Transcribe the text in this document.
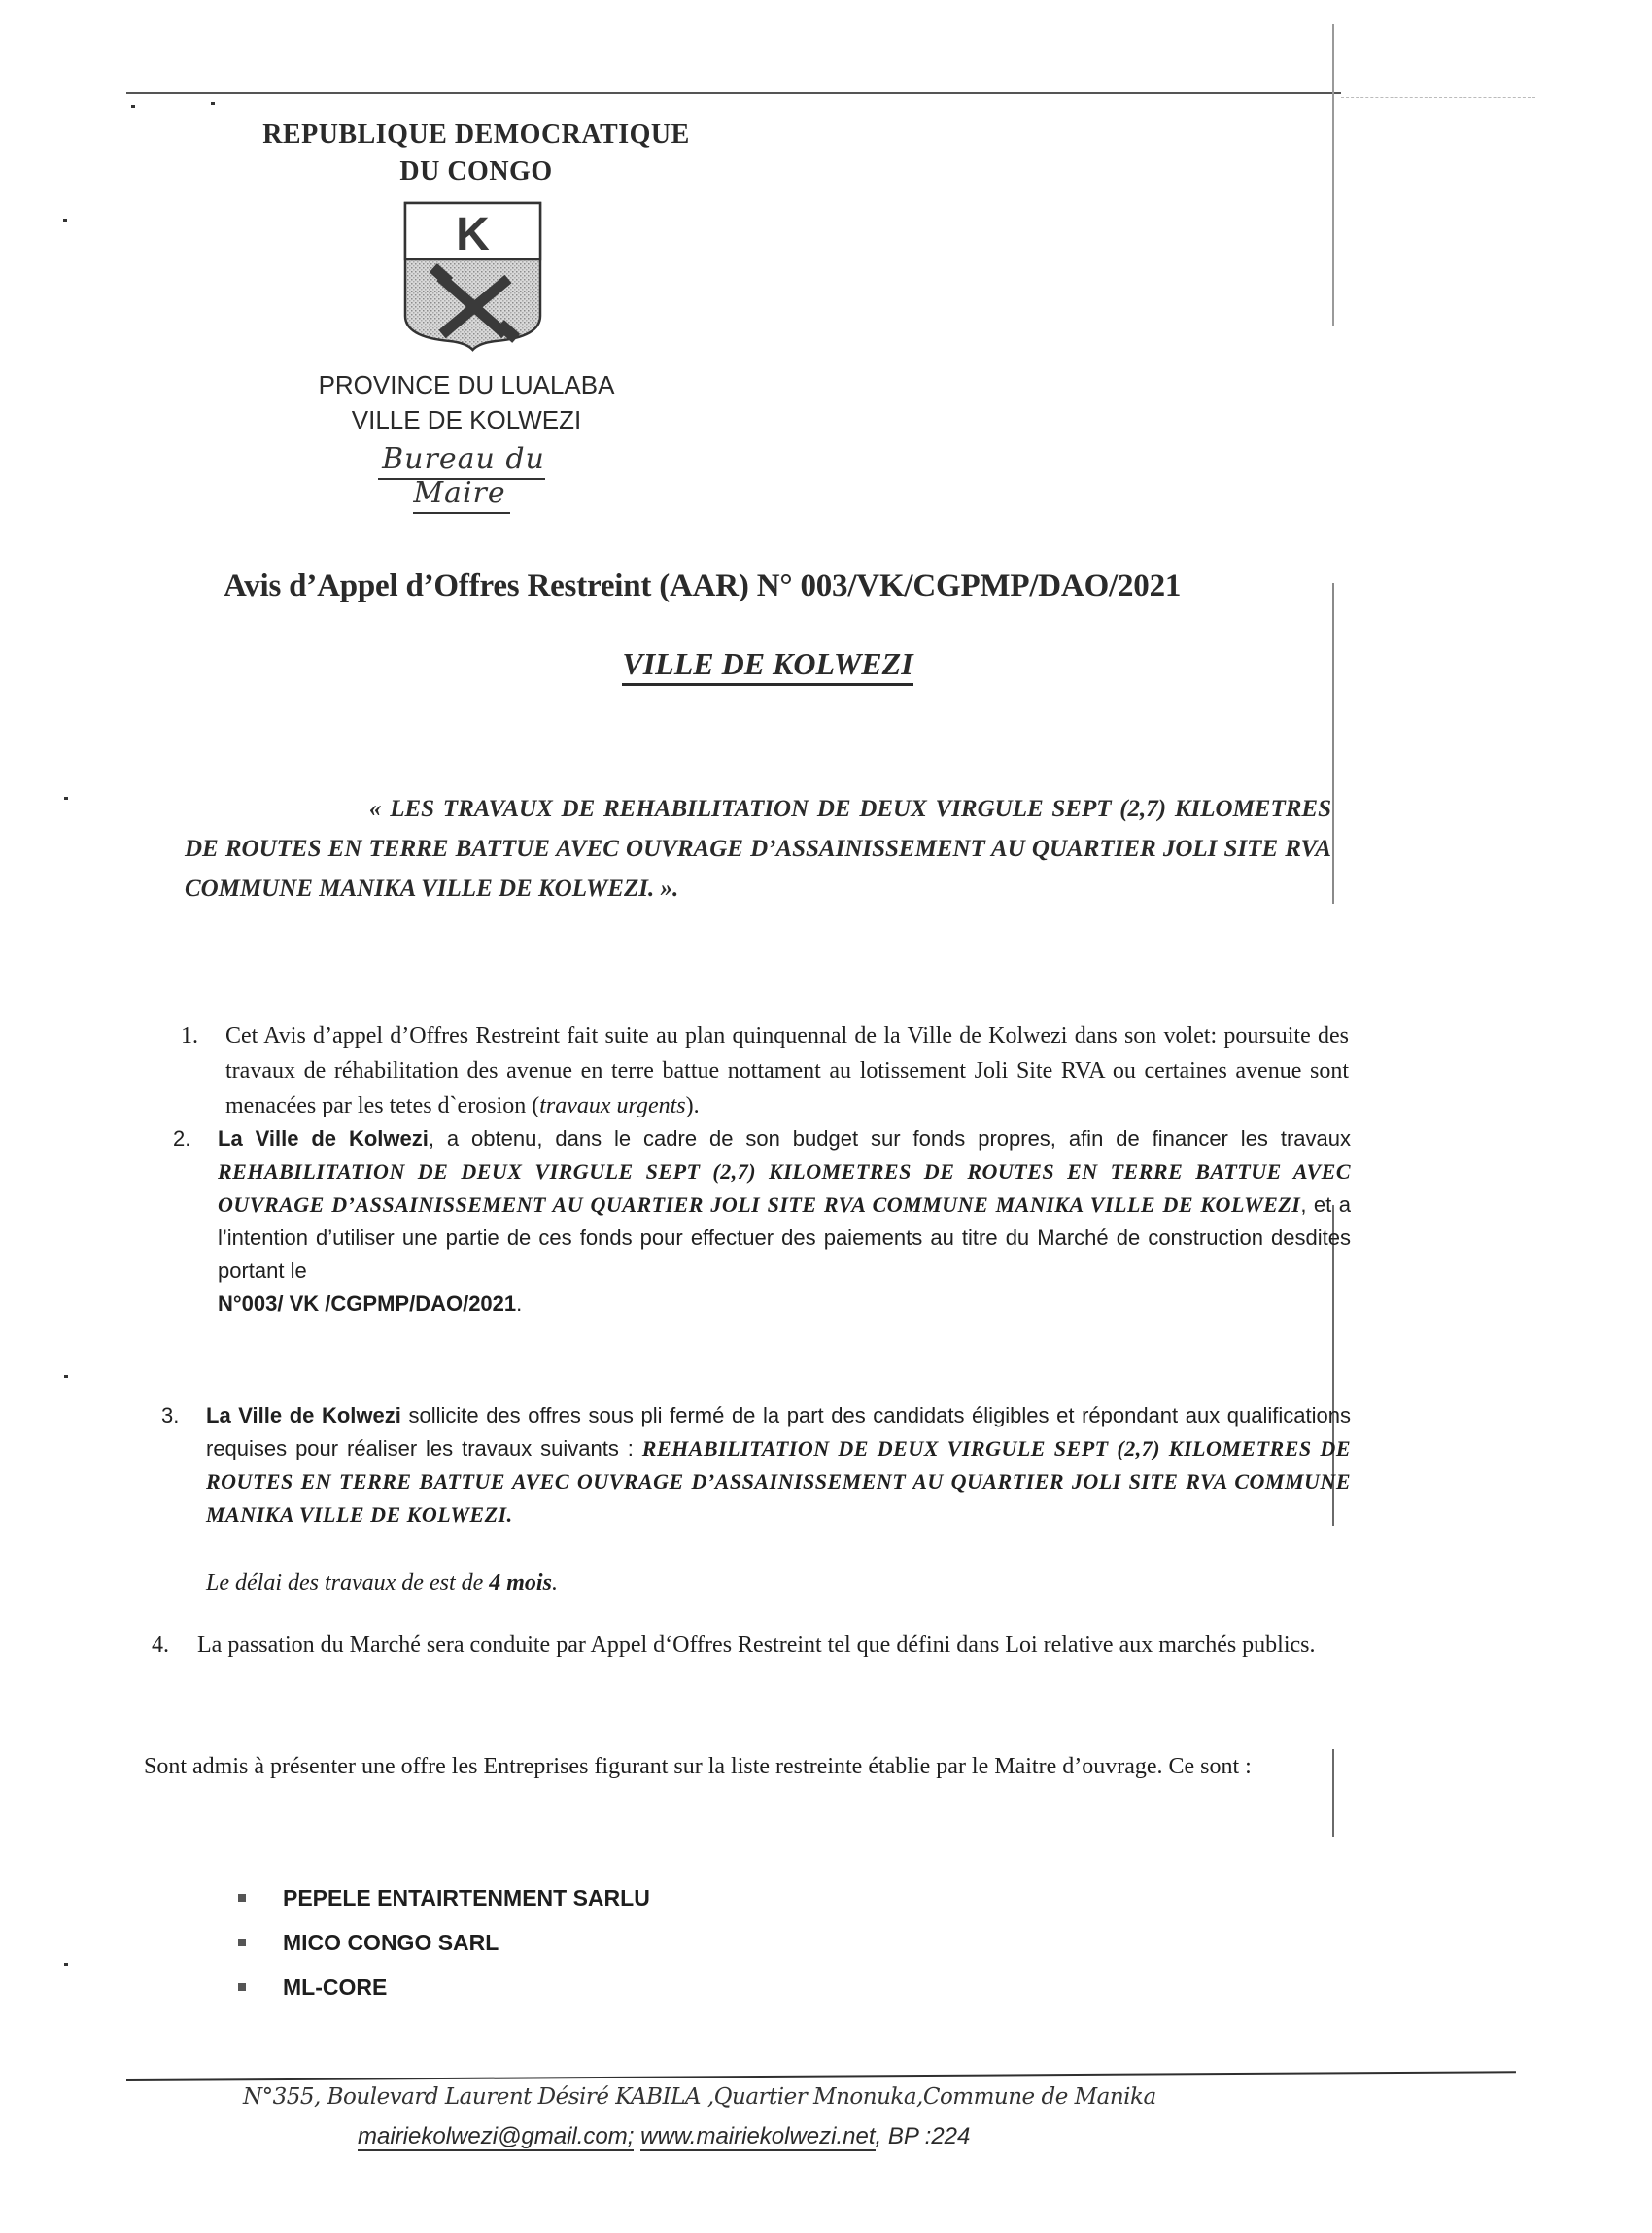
REPUBLIQUE DEMOCRATIQUE
DU CONGO
K
PROVINCE DU LUALABA
VILLE DE KOLWEZI
Bureau du Maire
Avis d’Appel d’Offres Restreint (AAR) N° 003/VK/CGPMP/DAO/2021
VILLE DE KOLWEZI
« LES TRAVAUX DE REHABILITATION DE DEUX VIRGULE SEPT (2,7) KILOMETRES DE ROUTES EN TERRE BATTUE AVEC OUVRAGE D’ASSAINISSEMENT AU QUARTIER JOLI SITE RVA COMMUNE MANIKA VILLE DE KOLWEZI. ».
1. Cet Avis d’appel d’Offres Restreint fait suite au plan quinquennal de la Ville de Kolwezi dans son volet: poursuite des travaux de réhabilitation des avenue en terre battue nottament au lotissement Joli Site RVA ou certaines avenue sont menacées par les tetes d`erosion (travaux urgents).
2. La Ville de Kolwezi, a obtenu, dans le cadre de son budget sur fonds propres, afin de financer les travaux REHABILITATION DE DEUX VIRGULE SEPT (2,7) KILOMETRES DE ROUTES EN TERRE BATTUE AVEC OUVRAGE D’ASSAINISSEMENT AU QUARTIER JOLI SITE RVA COMMUNE MANIKA VILLE DE KOLWEZI, et a l’intention d’utiliser une partie de ces fonds pour effectuer des paiements au titre du Marché de construction desdites portant le
N°003/ VK /CGPMP/DAO/2021.
3. La Ville de Kolwezi sollicite des offres sous pli fermé de la part des candidats éligibles et répondant aux qualifications requises pour réaliser les travaux suivants : REHABILITATION DE DEUX VIRGULE SEPT (2,7) KILOMETRES DE ROUTES EN TERRE BATTUE AVEC OUVRAGE D’ASSAINISSEMENT AU QUARTIER JOLI SITE RVA COMMUNE MANIKA VILLE DE KOLWEZI.
Le délai des travaux de est de 4 mois.
4. La passation du Marché sera conduite par Appel d‘Offres Restreint tel que défini dans Loi relative aux marchés publics.
Sont admis à présenter une offre les Entreprises figurant sur la liste restreinte établie par le Maitre d’ouvrage. Ce sont :
PEPELE ENTAIRTENMENT SARLU
MICO CONGO SARL
ML-CORE
N°355, Boulevard Laurent Désiré KABILA ,Quartier Mnonuka,Commune de Manika
mairiekolwezi@gmail.com; www.mairiekolwezi.net, BP :224
